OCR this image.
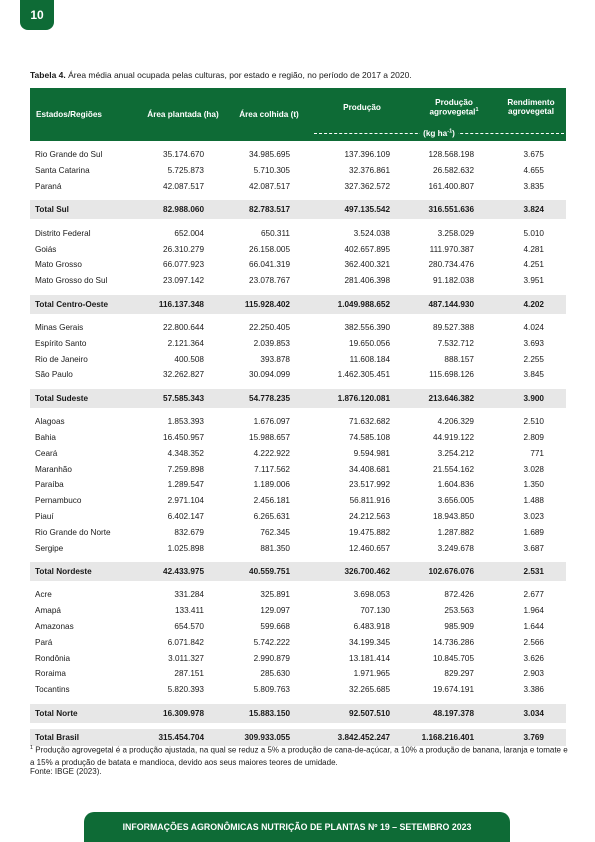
10
Tabela 4. Área média anual ocupada pelas culturas, por estado e região, no período de 2017 a 2020.
Estados/Regiões	Área plantada (ha)	Área colhida (t)	Produção	Produção agrovegetal$^1$	Rendimento agrovegetal

(kg $ha^{-1}$)		

Rio Grande do Sul	35.174.670	34.985.695	137.396.109	128.568.198	3.675
Santa Catarina	5.725.873	5.710.305	32.376.861	26.582.632	4.655
Paraná	42.087.517	42.087.517	327.362.572	161.400.807	3.835

Total Sul	82.988.060	82.783.517	497.135.542	316.551.636	3.824

Distrito Federal	652.004	650.311	3.524.038	3.258.029	5.010
Goiás	26.310.279	26.158.005	402.657.895	111.970.387	4.281
Mato Grosso	66.077.923	66.041.319	362.400.321	280.734.476	4.251
Mato Grosso do Sul	23.097.142	23.078.767	281.406.398	91.182.038	3.951

Total Centro-Oeste	116.137.348	115.928.402	1.049.988.652	487.144.930	4.202

Minas Gerais	22.800.644	22.250.405	382.556.390	89.527.388	4.024
Espírito Santo	2.121.364	2.039.853	19.650.056	7.532.712	3.693
Rio de Janeiro	400.508	393.878	11.608.184	888.157	2.255
São Paulo	32.262.827	30.094.099	1.462.305.451	115.698.126	3.845

Total Sudeste	57.585.343	54.778.235	1.876.120.081	213.646.382	3.900

Alagoas	1.853.393	1.676.097	71.632.682	4.206.329	2.510
Bahia	16.450.957	15.988.657	74.585.108	44.919.122	2.809
Ceará	4.348.352	4.222.922	9.594.981	3.254.212	771
Maranhão	7.259.898	7.117.562	34.408.681	21.554.162	3.028
Paraíba	1.289.547	1.189.006	23.517.992	1.604.836	1.350
Pernambuco	2.971.104	2.456.181	56.811.916	3.656.005	1.488
Piauí	6.402.147	6.265.631	24.212.563	18.943.850	3.023
Rio Grande do Norte	832.679	762.345	19.475.882	1.287.882	1.689
Sergipe	1.025.898	881.350	12.460.657	3.249.678	3.687

Total Nordeste	42.433.975	40.559.751	326.700.462	102.676.076	2.531

Acre	331.284	325.891	3.698.053	872.426	2.677
Amapá	133.411	129.097	707.130	253.563	1.964
Amazonas	654.570	599.668	6.483.918	985.909	1.644
Pará	6.071.842	5.742.222	34.199.345	14.736.286	2.566
Rondônia	3.011.327	2.990.879	13.181.414	10.845.705	3.626
Roraima	287.151	285.630	1.971.965	829.297	2.903
Tocantins	5.820.393	5.809.763	32.265.685	19.674.191	3.386

Total Norte	16.309.978	15.883.150	92.507.510	48.197.378	3.034

Total Brasil	315.454.704	309.933.055	3.842.452.247	1.168.216.401	3.769
$^1$ Produção agrovegetal é a produção ajustada, na qual se reduz a 5% a produção de cana-de-açúcar, a 10% a produção de banana, laranja e tomate e a 15% a produção de batata e mandioca, devido aos seus maiores teores de umidade.
Fonte: IBGE (2023).
INFORMAÇÕES AGRONÔMICAS NUTRIÇÃO DE PLANTAS Nº 19 – SETEMBRO 2023
